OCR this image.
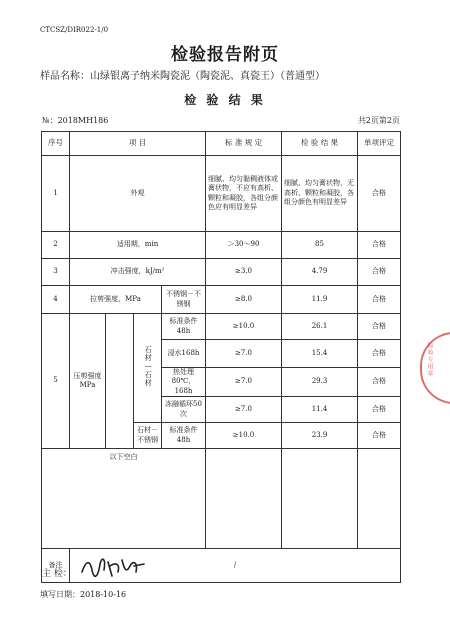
CTCSZ/DIR022-1/0
检验报告附页
样品名称：山绿银离子纳米陶瓷泥（陶瓷泥、真瓷王）（普通型）
检 验 结 果
№：2018MH186	共2页第2页
序号	项 目				标 准 规 定	检 验 结 果	单项评定
1	外观				细腻、均匀黏稠液体或膏状物，不应有高析、颗粒和凝胶，各组分颜色应有明显差异	细腻、均匀膏状物，无高析、颗粒和凝胶，各组分颜色有明显差异	合格
2	适用期，min				＞30～90	85	合格
3	冲击强度，kJ/m²				≥3.0	4.79	合格
4	拉剪强度，MPa			不锈钢－不锈钢	≥8.0	11.9	合格
5	压剪强度MPa		石材—石材	标准条件48h	≥10.0	26.1	合格
				浸水168h	≥7.0	15.4	合格
				热处理80℃，168h	≥7.0	29.3	合格
				冻融循环50次	≥7.0	11.4	合格
			石材－不锈钢	标准条件48h	≥10.0	23.9	合格
以下空白							
备注	/						
检验专用章
主 检：
填写日期：2018-10-16
